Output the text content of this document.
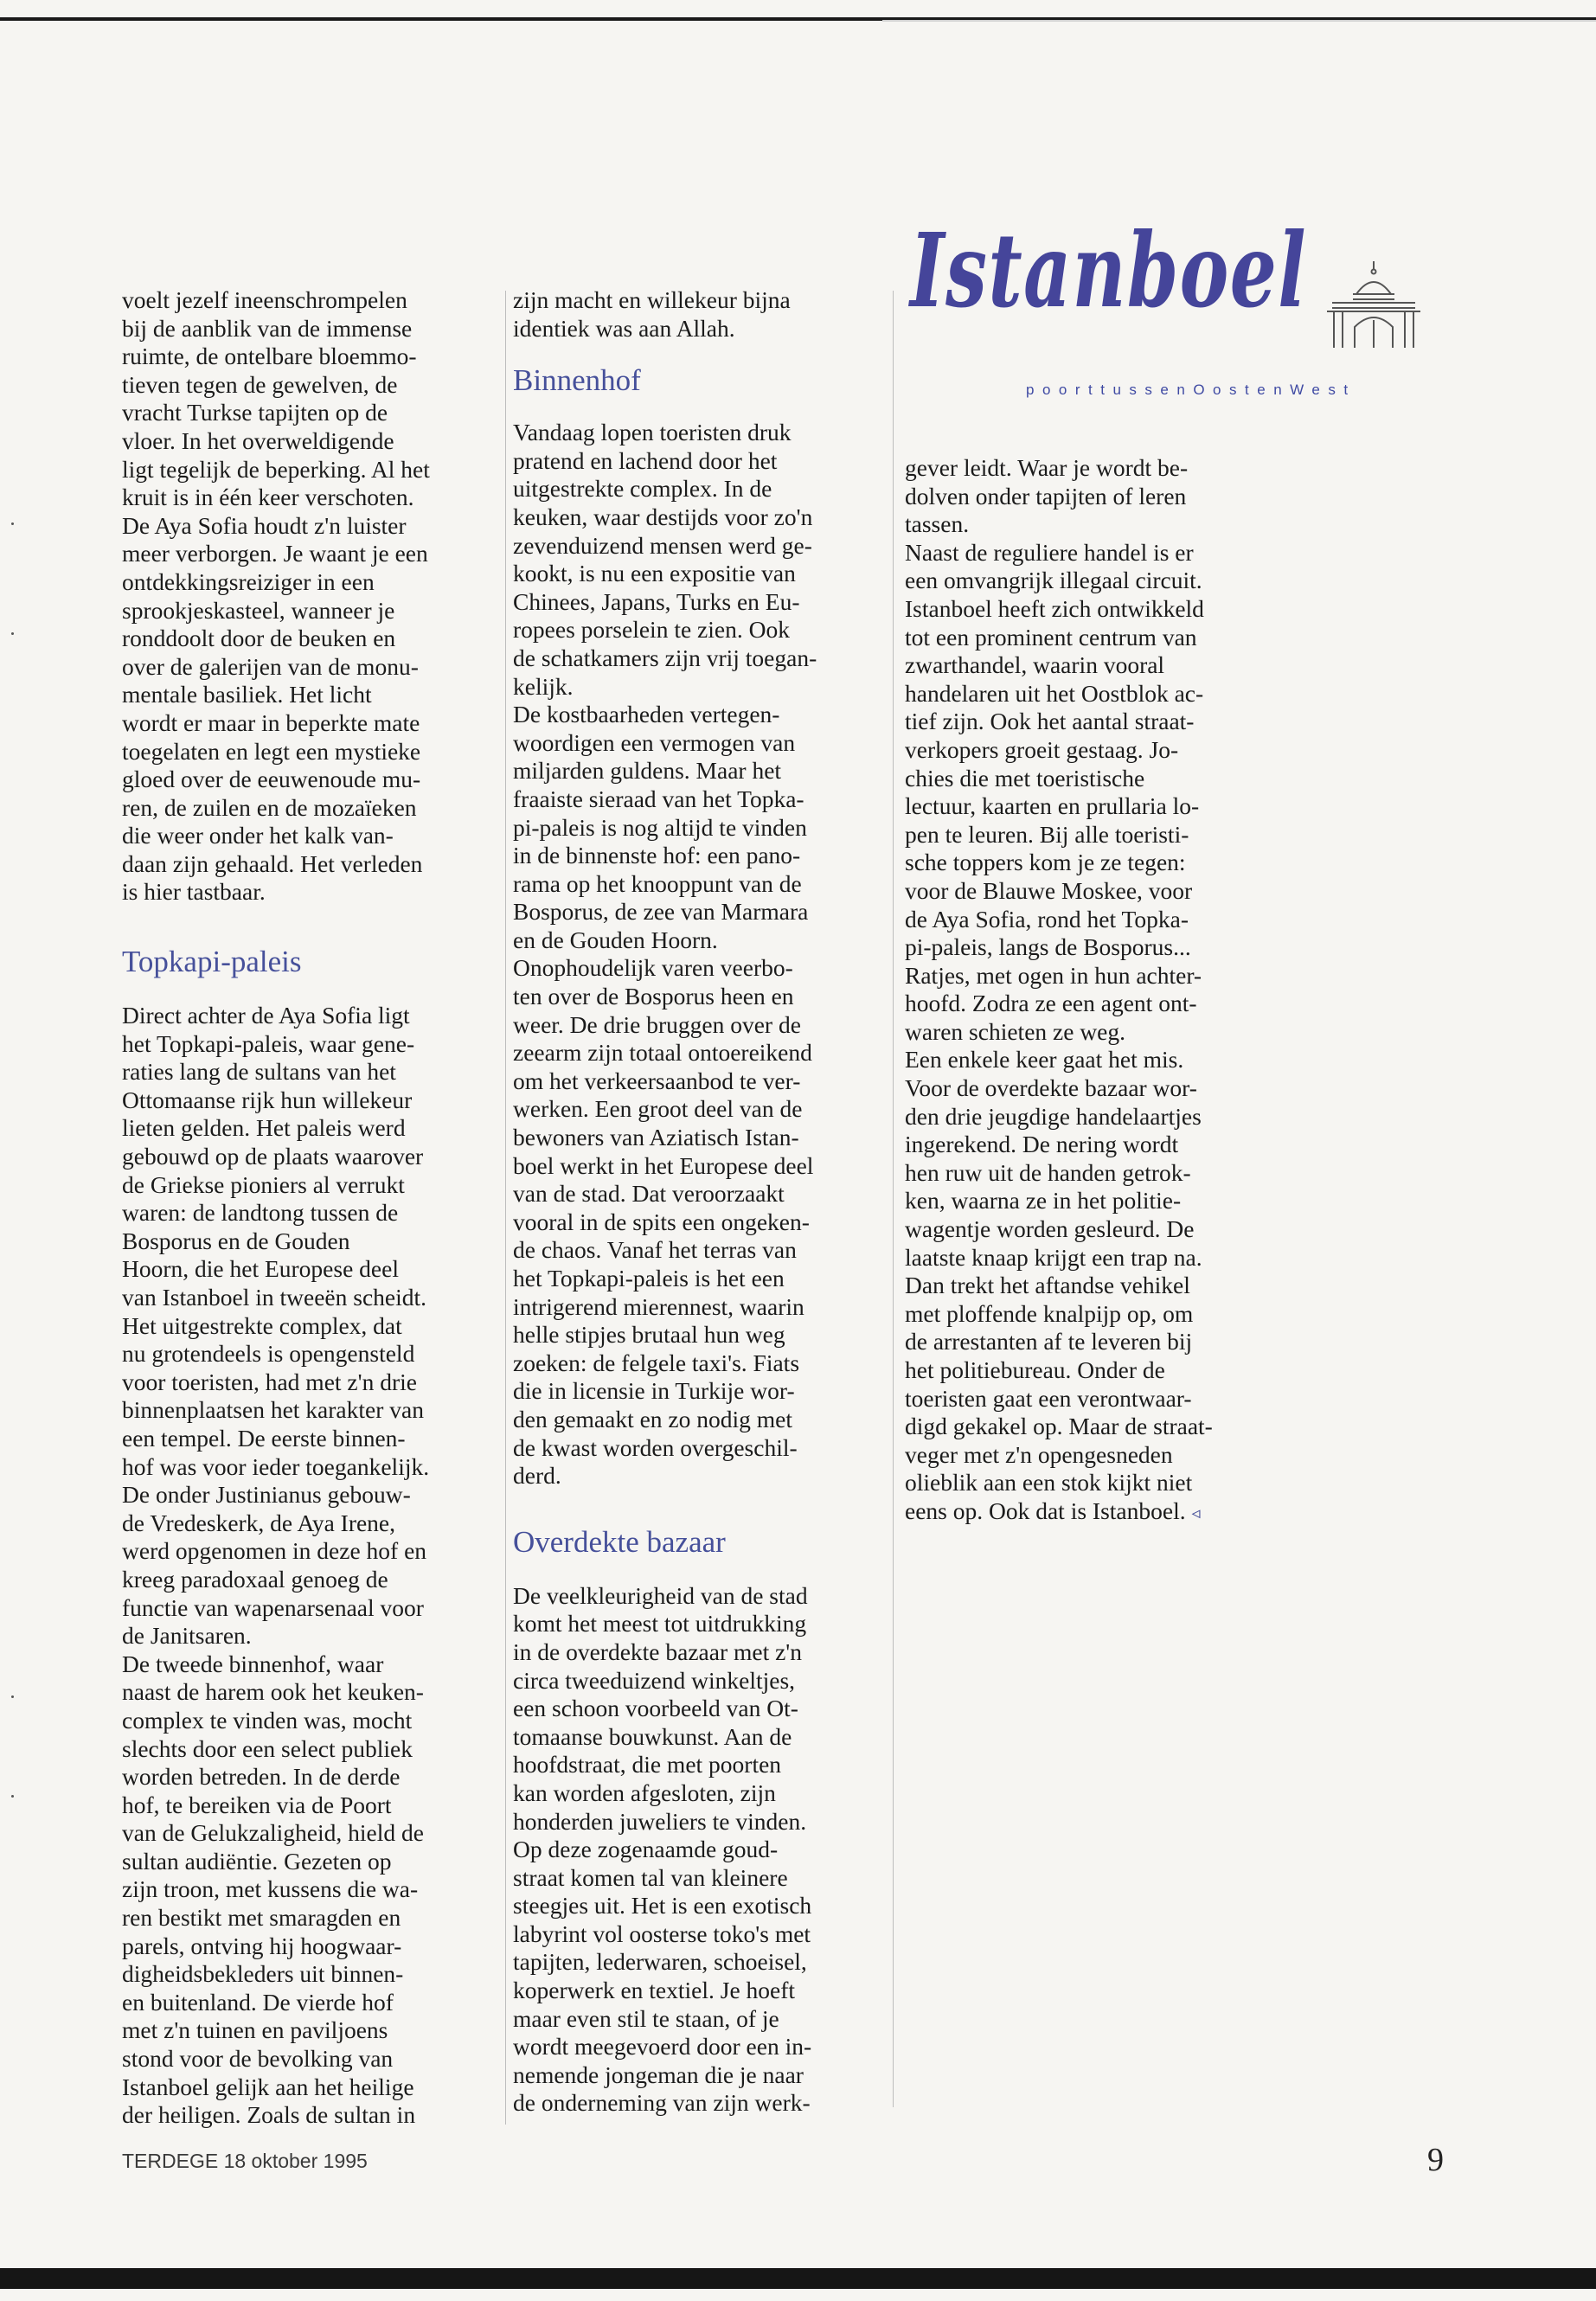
Istanboel
poorttussenOostenWest

voelt jezelf ineenschrompelen
bij de aanblik van de immense
ruimte, de ontelbare bloemmo-
tieven tegen de gewelven, de
vracht Turkse tapijten op de
vloer. In het overweldigende
ligt tegelijk de beperking. Al het
kruit is in één keer verschoten.
De Aya Sofia houdt z'n luister
meer verborgen. Je waant je een
ontdekkingsreiziger in een
sprookjeskasteel, wanneer je
ronddoolt door de beuken en
over de galerijen van de monu-
mentale basiliek. Het licht
wordt er maar in beperkte mate
toegelaten en legt een mystieke
gloed over de eeuwenoude mu-
ren, de zuilen en de mozaïeken
die weer onder het kalk van-
daan zijn gehaald. Het verleden
is hier tastbaar.

Topkapi-paleis

Direct achter de Aya Sofia ligt
het Topkapi-paleis, waar gene-
raties lang de sultans van het
Ottomaanse rijk hun willekeur
lieten gelden. Het paleis werd
gebouwd op de plaats waarover
de Griekse pioniers al verrukt
waren: de landtong tussen de
Bosporus en de Gouden
Hoorn, die het Europese deel
van Istanboel in tweeën scheidt.
Het uitgestrekte complex, dat
nu grotendeels is opengensteld
voor toeristen, had met z'n drie
binnenplaatsen het karakter van
een tempel. De eerste binnen-
hof was voor ieder toegankelijk.
De onder Justinianus gebouw-
de Vredeskerk, de Aya Irene,
werd opgenomen in deze hof en
kreeg paradoxaal genoeg de
functie van wapenarsenaal voor
de Janitsaren.
De tweede binnenhof, waar
naast de harem ook het keuken-
complex te vinden was, mocht
slechts door een select publiek
worden betreden. In de derde
hof, te bereiken via de Poort
van de Gelukzaligheid, hield de
sultan audiëntie. Gezeten op
zijn troon, met kussens die wa-
ren bestikt met smaragden en
parels, ontving hij hoogwaar-
digheidsbekleders uit binnen-
en buitenland. De vierde hof
met z'n tuinen en paviljoens
stond voor de bevolking van
Istanboel gelijk aan het heilige
der heiligen. Zoals de sultan in

zijn macht en willekeur bijna
identiek was aan Allah.

Binnenhof

Vandaag lopen toeristen druk
pratend en lachend door het
uitgestrekte complex. In de
keuken, waar destijds voor zo'n
zevenduizend mensen werd ge-
kookt, is nu een expositie van
Chinees, Japans, Turks en Eu-
ropees porselein te zien. Ook
de schatkamers zijn vrij toegan-
kelijk.
De kostbaarheden vertegen-
woordigen een vermogen van
miljarden guldens. Maar het
fraaiste sieraad van het Topka-
pi-paleis is nog altijd te vinden
in de binnenste hof: een pano-
rama op het knooppunt van de
Bosporus, de zee van Marmara
en de Gouden Hoorn.
Onophoudelijk varen veerbo-
ten over de Bosporus heen en
weer. De drie bruggen over de
zeearm zijn totaal ontoereikend
om het verkeersaanbod te ver-
werken. Een groot deel van de
bewoners van Aziatisch Istan-
boel werkt in het Europese deel
van de stad. Dat veroorzaakt
vooral in de spits een ongeken-
de chaos. Vanaf het terras van
het Topkapi-paleis is het een
intrigerend mierennest, waarin
helle stipjes brutaal hun weg
zoeken: de felgele taxi's. Fiats
die in licensie in Turkije wor-
den gemaakt en zo nodig met
de kwast worden overgeschil-
derd.

Overdekte bazaar

De veelkleurigheid van de stad
komt het meest tot uitdrukking
in de overdekte bazaar met z'n
circa tweeduizend winkeltjes,
een schoon voorbeeld van Ot-
tomaanse bouwkunst. Aan de
hoofdstraat, die met poorten
kan worden afgesloten, zijn
honderden juweliers te vinden.
Op deze zogenaamde goud-
straat komen tal van kleinere
steegjes uit. Het is een exotisch
labyrint vol oosterse toko's met
tapijten, lederwaren, schoeisel,
koperwerk en textiel. Je hoeft
maar even stil te staan, of je
wordt meegevoerd door een in-
nemende jongeman die je naar
de onderneming van zijn werk-

gever leidt. Waar je wordt be-
dolven onder tapijten of leren
tassen.
Naast de reguliere handel is er
een omvangrijk illegaal circuit.
Istanboel heeft zich ontwikkeld
tot een prominent centrum van
zwarthandel, waarin vooral
handelaren uit het Oostblok ac-
tief zijn. Ook het aantal straat-
verkopers groeit gestaag. Jo-
chies die met toeristische
lectuur, kaarten en prullaria lo-
pen te leuren. Bij alle toeristi-
sche toppers kom je ze tegen:
voor de Blauwe Moskee, voor
de Aya Sofia, rond het Topka-
pi-paleis, langs de Bosporus...
Ratjes, met ogen in hun achter-
hoofd. Zodra ze een agent ont-
waren schieten ze weg.
Een enkele keer gaat het mis.
Voor de overdekte bazaar wor-
den drie jeugdige handelaartjes
ingerekend. De nering wordt
hen ruw uit de handen getrok-
ken, waarna ze in het politie-
wagentje worden gesleurd. De
laatste knaap krijgt een trap na.
Dan trekt het aftandse vehikel
met ploffende knalpijp op, om
de arrestanten af te leveren bij
het politiebureau. Onder de
toeristen gaat een verontwaar-
digd gekakel op. Maar de straat-
veger met z'n opengesneden
olieblik aan een stok kijkt niet
eens op. Ook dat is Istanboel. ◃

TERDEGE 18 oktober 1995	9
